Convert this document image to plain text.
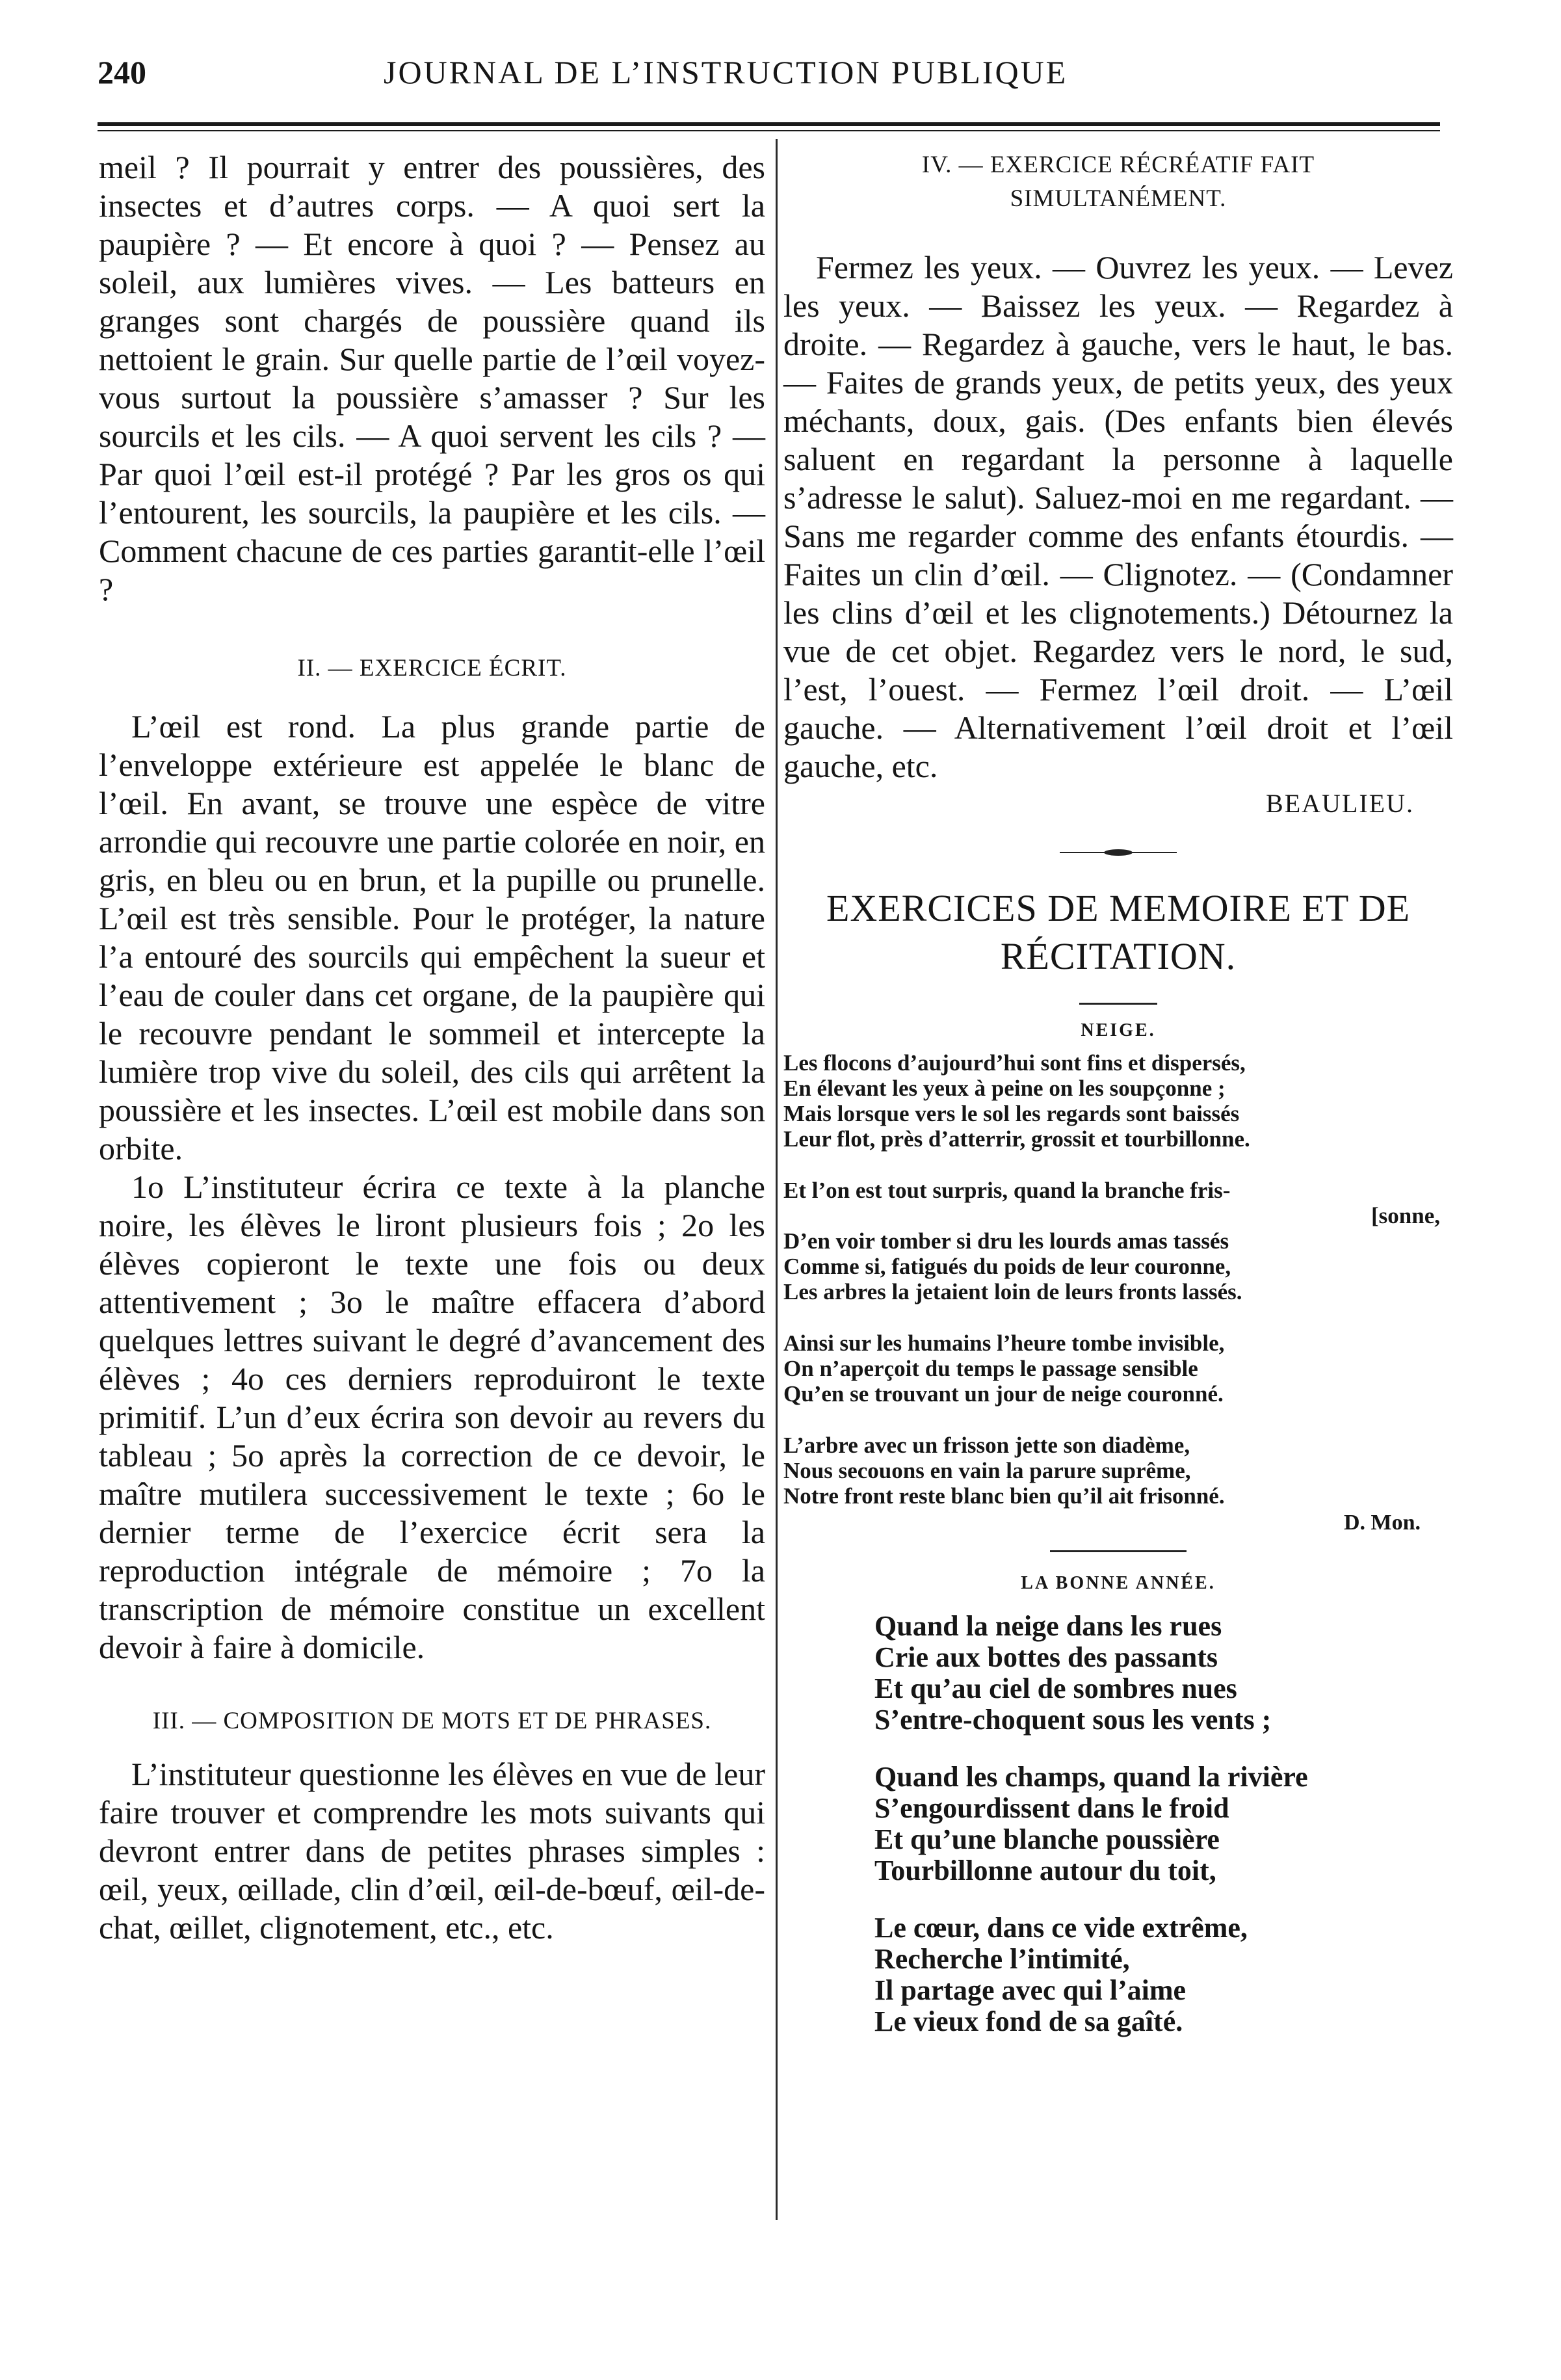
240	JOURNAL DE L’INSTRUCTION PUBLIQUE

meil ? Il pourrait y entrer des poussières, des insectes et d’autres corps. — A quoi sert la paupière ? — Et encore à quoi ? — Pensez au soleil, aux lumières vives. — Les batteurs en granges sont chargés de poussière quand ils nettoient le grain. Sur quelle partie de l’œil voyez-vous surtout la poussière s’amasser ? Sur les sourcils et les cils. — A quoi servent les cils ? — Par quoi l’œil est-il protégé ? Par les gros os qui l’entourent, les sourcils, la paupière et les cils. — Comment chacune de ces parties garantit-elle l’œil ?

II. — EXERCICE ÉCRIT.

L’œil est rond. La plus grande partie de l’enveloppe extérieure est appelée le blanc de l’œil. En avant, se trouve une espèce de vitre arrondie qui recouvre une partie colorée en noir, en gris, en bleu ou en brun, et la pupille ou prunelle. L’œil est très sensible. Pour le protéger, la nature l’a entouré des sourcils qui empêchent la sueur et l’eau de couler dans cet organe, de la paupière qui le recouvre pendant le sommeil et intercepte la lumière trop vive du soleil, des cils qui arrêtent la poussière et les insectes. L’œil est mobile dans son orbite.

1o L’instituteur écrira ce texte à la planche noire, les élèves le liront plusieurs fois ; 2o les élèves copieront le texte une fois ou deux attentivement ; 3o le maître effacera d’abord quelques lettres suivant le degré d’avancement des élèves ; 4o ces derniers reproduiront le texte primitif. L’un d’eux écrira son devoir au revers du tableau ; 5o après la correction de ce devoir, le maître mutilera successivement le texte ; 6o le dernier terme de l’exercice écrit sera la reproduction intégrale de mémoire ; 7o la transcription de mémoire constitue un excellent devoir à faire à domicile.

III. — COMPOSITION DE MOTS ET DE PHRASES.

L’instituteur questionne les élèves en vue de leur faire trouver et comprendre les mots suivants qui devront entrer dans de petites phrases simples : œil, yeux, œillade, clin d’œil, œil-de-bœuf, œil-de-chat, œillet, clignotement, etc., etc.

IV. — EXERCICE RÉCRÉATIF FAIT SIMULTANÉMENT.

Fermez les yeux. — Ouvrez les yeux. — Levez les yeux. — Baissez les yeux. — Regardez à droite. — Regardez à gauche, vers le haut, le bas. — Faites de grands yeux, de petits yeux, des yeux méchants, doux, gais. (Des enfants bien élevés saluent en regardant la personne à laquelle s’adresse le salut). Saluez-moi en me regardant. — Sans me regarder comme des enfants étourdis. — Faites un clin d’œil. — Clignotez. — (Condamner les clins d’œil et les clignotements.) Détournez la vue de cet objet. Regardez vers le nord, le sud, l’est, l’ouest. — Fermez l’œil droit. — L’œil gauche. — Alternativement l’œil droit et l’œil gauche, etc.

BEAULIEU.
EXERCICES DE MEMOIRE ET DE RÉCITATION.
NEIGE.
Les flocons d’aujourd’hui sont fins et dispersés,
En élevant les yeux à peine on les soupçonne ;
Mais lorsque vers le sol les regards sont baissés
Leur flot, près d’atterrir, grossit et tourbillonne.
Et l’on est tout surpris, quand la branche fris-
[sonne,
D’en voir tomber si dru les lourds amas tassés
Comme si, fatigués du poids de leur couronne,
Les arbres la jetaient loin de leurs fronts lassés.
Ainsi sur les humains l’heure tombe invisible,
On n’aperçoit du temps le passage sensible
Qu’en se trouvant un jour de neige couronné.
L’arbre avec un frisson jette son diadème,
Nous secouons en vain la parure suprême,
Notre front reste blanc bien qu’il ait frisonné.
D. Mon.
LA BONNE ANNÉE.
Quand la neige dans les rues
Crie aux bottes des passants
Et qu’au ciel de sombres nues
S’entre-choquent sous les vents ;
Quand les champs, quand la rivière
S’engourdissent dans le froid
Et qu’une blanche poussière
Tourbillonne autour du toit,
Le cœur, dans ce vide extrême,
Recherche l’intimité,
Il partage avec qui l’aime
Le vieux fond de sa gaîté.
